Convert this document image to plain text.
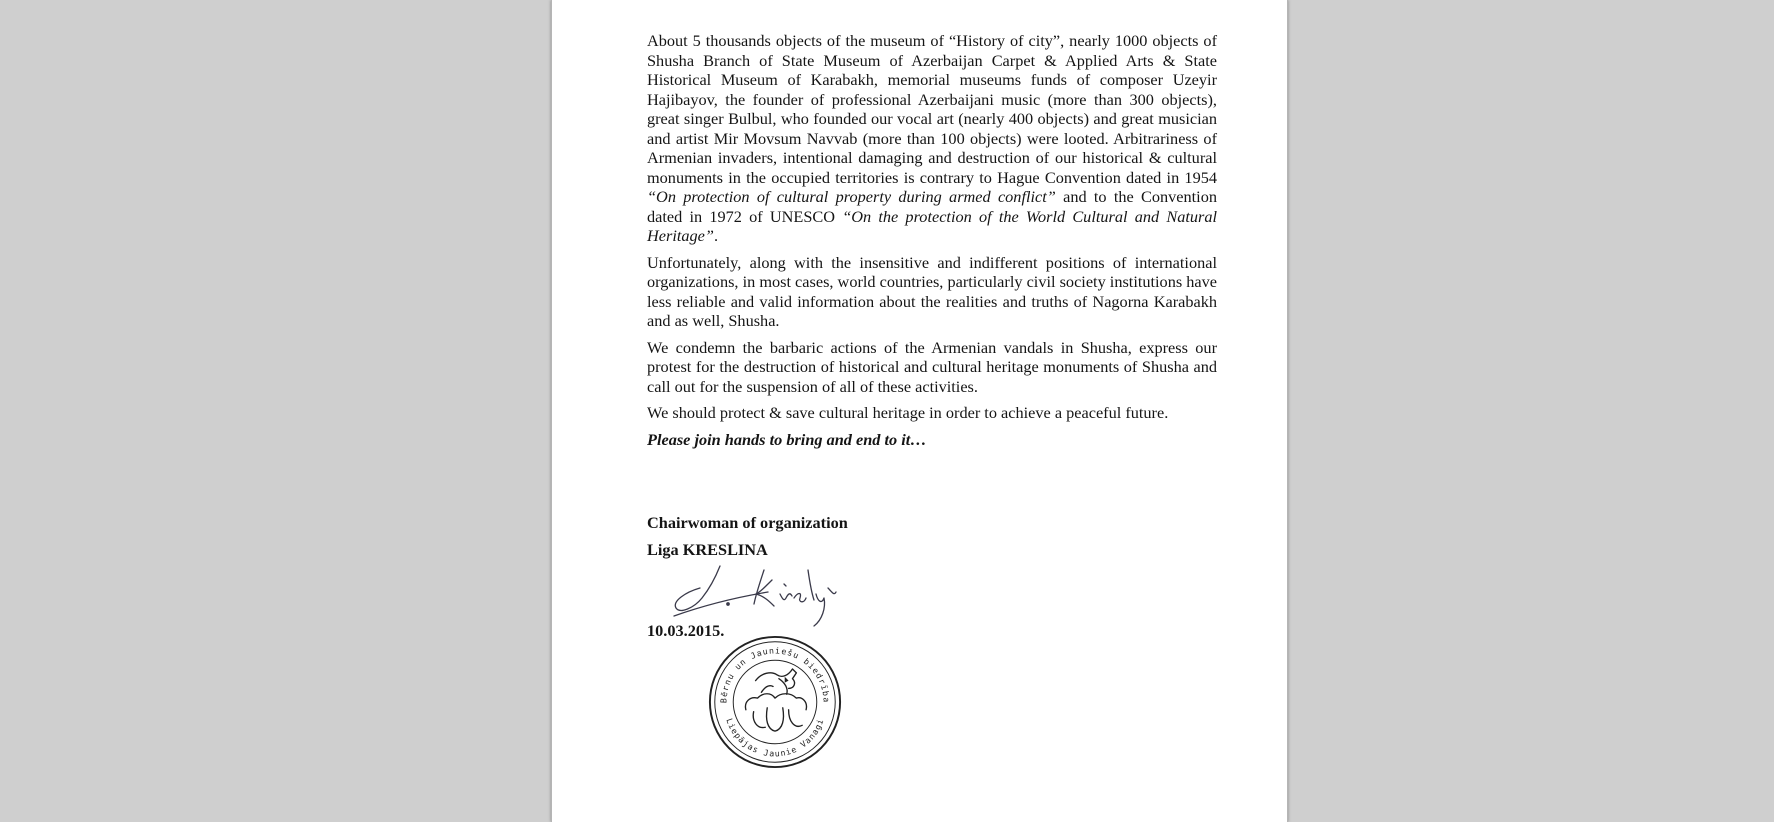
About 5 thousands objects of the museum of “History of city”, nearly 1000 objects of Shusha Branch of State Museum of Azerbaijan Carpet & Applied Arts & State Historical Museum of Karabakh, memorial museums funds of composer Uzeyir Hajibayov, the founder of professional Azerbaijani music (more than 300 objects), great singer Bulbul, who founded our vocal art (nearly 400 objects) and great musician and artist Mir Movsum Navvab (more than 100 objects) were looted. Arbitrariness of Armenian invaders, intentional damaging and destruction of our historical & cultural monuments in the occupied territories is contrary to Hague Convention dated in 1954 “On protection of cultural property during armed conflict” and to the Convention dated in 1972 of UNESCO “On the protection of the World Cultural and Natural Heritage”.

Unfortunately, along with the insensitive and indifferent positions of international organizations, in most cases, world countries, particularly civil society institutions have less reliable and valid information about the realities and truths of Nagorna Karabakh and as well, Shusha.

We condemn the barbaric actions of the Armenian vandals in Shusha, express our protest for the destruction of historical and cultural heritage monuments of Shusha and call out for the suspension of all of these activities.

We should protect & save cultural heritage in order to achieve a peaceful future.

Please join hands to bring and end to it…

Chairwoman of organization
Liga KRESLINA
10.03.2015.
Bērnu un Jauniešu biedrība
Liepājas Jaunie Vanagi
